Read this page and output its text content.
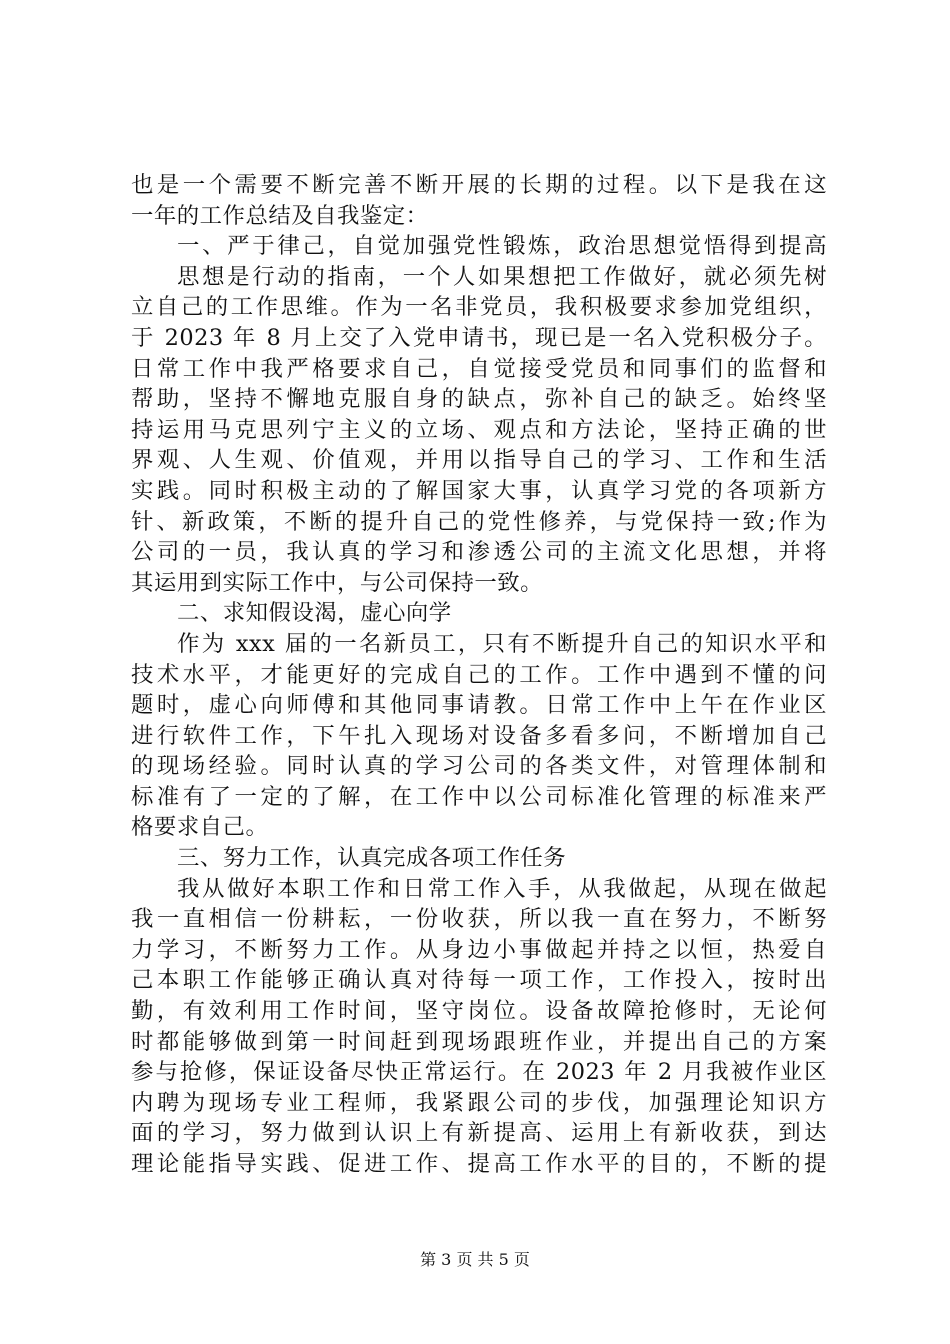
也是一个需要不断完善不断开展的长期的过程。以下是我在这
一年的工作总结及自我鉴定：
一、严于律己，自觉加强党性锻炼，政治思想觉悟得到提高
思想是行动的指南，一个人如果想把工作做好，就必须先树
立自己的工作思维。作为一名非党员，我积极要求参加党组织，
于 2023 年 8 月上交了入党申请书，现已是一名入党积极分子。
日常工作中我严格要求自己，自觉接受党员和同事们的监督和
帮助，坚持不懈地克服自身的缺点，弥补自己的缺乏。始终坚
持运用马克思列宁主义的立场、观点和方法论，坚持正确的世
界观、人生观、价值观，并用以指导自己的学习、工作和生活
实践。同时积极主动的了解国家大事，认真学习党的各项新方
针、新政策，不断的提升自己的党性修养，与党保持一致;作为
公司的一员，我认真的学习和渗透公司的主流文化思想，并将
其运用到实际工作中，与公司保持一致。
二、求知假设渴，虚心向学
作为 xxx 届的一名新员工，只有不断提升自己的知识水平和
技术水平，才能更好的完成自己的工作。工作中遇到不懂的问
题时，虚心向师傅和其他同事请教。日常工作中上午在作业区
进行软件工作，下午扎入现场对设备多看多问，不断增加自己
的现场经验。同时认真的学习公司的各类文件，对管理体制和
标准有了一定的了解，在工作中以公司标准化管理的标准来严
格要求自己。
三、努力工作，认真完成各项工作任务
我从做好本职工作和日常工作入手，从我做起，从现在做起
我一直相信一份耕耘，一份收获，所以我一直在努力，不断努
力学习，不断努力工作。从身边小事做起并持之以恒，热爱自
己本职工作能够正确认真对待每一项工作，工作投入，按时出
勤，有效利用工作时间，坚守岗位。设备故障抢修时，无论何
时都能够做到第一时间赶到现场跟班作业，并提出自己的方案
参与抢修，保证设备尽快正常运行。在 2023 年 2 月我被作业区
内聘为现场专业工程师，我紧跟公司的步伐，加强理论知识方
面的学习，努力做到认识上有新提高、运用上有新收获，到达
理论能指导实践、促进工作、提高工作水平的目的，不断的提
第 3 页 共 5 页
